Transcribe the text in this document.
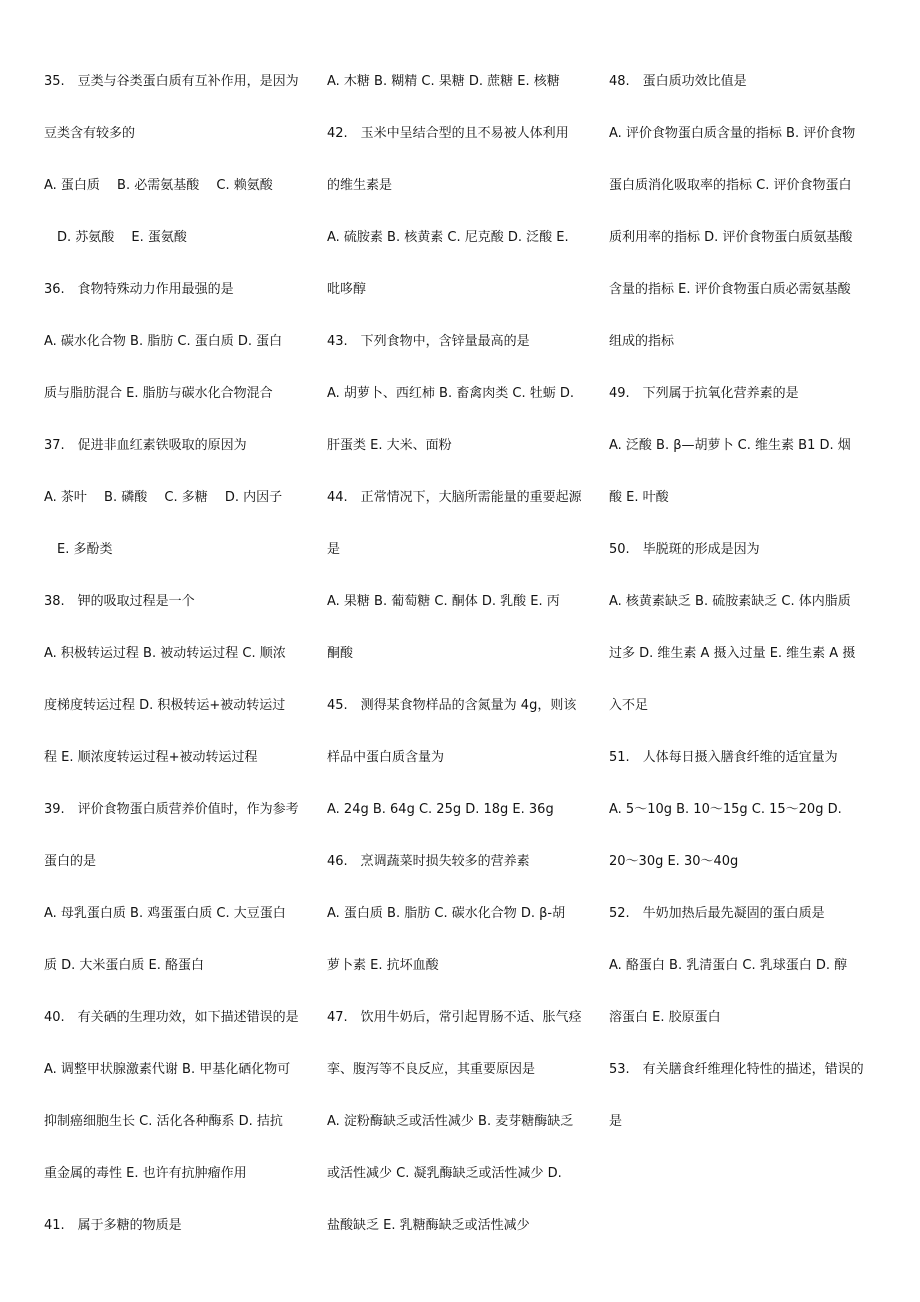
35.　豆类与谷类蛋白质有互补作用，是因为
豆类含有较多的
A. 蛋白质　 B. 必需氨基酸　 C. 赖氨酸
　D. 苏氨酸　 E. 蛋氨酸
36.　食物特殊动力作用最强的是
A. 碳水化合物 B. 脂肪 C. 蛋白质 D. 蛋白
质与脂肪混合 E. 脂肪与碳水化合物混合
37.　促进非血红素铁吸取的原因为
A. 茶叶　 B. 磷酸　 C. 多糖　 D. 内因子
　E. 多酚类
38.　钾的吸取过程是一个
A. 积极转运过程 B. 被动转运过程 C. 顺浓
度梯度转运过程 D. 积极转运+被动转运过
程 E. 顺浓度转运过程+被动转运过程
39.　评价食物蛋白质营养价值时，作为参考
蛋白的是
A. 母乳蛋白质 B. 鸡蛋蛋白质 C. 大豆蛋白
质 D. 大米蛋白质 E. 酪蛋白
40.　有关硒的生理功效，如下描述错误的是
A. 调整甲状腺激素代谢 B. 甲基化硒化物可
抑制癌细胞生长 C. 活化各种酶系 D. 拮抗
重金属的毒性 E. 也许有抗肿瘤作用
41.　属于多糖的物质是
A. 木糖 B. 糊精 C. 果糖 D. 蔗糖 E. 核糖
42.　玉米中呈结合型的且不易被人体利用
的维生素是
A. 硫胺素 B. 核黄素 C. 尼克酸 D. 泛酸 E.
吡哆醇
43.　下列食物中，含锌量最高的是
A. 胡萝卜、西红柿 B. 畜禽肉类 C. 牡蛎 D.
肝蛋类 E. 大米、面粉
44.　正常情况下，大脑所需能量的重要起源
是
A. 果糖 B. 葡萄糖 C. 酮体 D. 乳酸 E. 丙
酮酸
45.　测得某食物样品的含氮量为 4g，则该
样品中蛋白质含量为
A. 24g B. 64g C. 25g D. 18g E. 36g
46.　烹调蔬菜时损失较多的营养素
A. 蛋白质 B. 脂肪 C. 碳水化合物 D. β-胡
萝卜素 E. 抗坏血酸
47.　饮用牛奶后，常引起胃肠不适、胀气痉
挛、腹泻等不良反应，其重要原因是
A. 淀粉酶缺乏或活性减少 B. 麦芽糖酶缺乏
或活性减少 C. 凝乳酶缺乏或活性减少 D.
盐酸缺乏 E. 乳糖酶缺乏或活性减少
48.　蛋白质功效比值是
A. 评价食物蛋白质含量的指标 B. 评价食物
蛋白质消化吸取率的指标 C. 评价食物蛋白
质利用率的指标 D. 评价食物蛋白质氨基酸
含量的指标 E. 评价食物蛋白质必需氨基酸
组成的指标
49.　下列属于抗氧化营养素的是
A. 泛酸 B. β—胡萝卜 C. 维生素 B1 D. 烟
酸 E. 叶酸
50.　毕脱斑的形成是因为
A. 核黄素缺乏 B. 硫胺素缺乏 C. 体内脂质
过多 D. 维生素 A 摄入过量 E. 维生素 A 摄
入不足
51.　人体每日摄入膳食纤维的适宜量为
A. 5～10g B. 10～15g C. 15～20g D.
20～30g E. 30～40g
52.　牛奶加热后最先凝固的蛋白质是
A. 酪蛋白 B. 乳清蛋白 C. 乳球蛋白 D. 醇
溶蛋白 E. 胶原蛋白
53.　有关膳食纤维理化特性的描述，错误的
是
